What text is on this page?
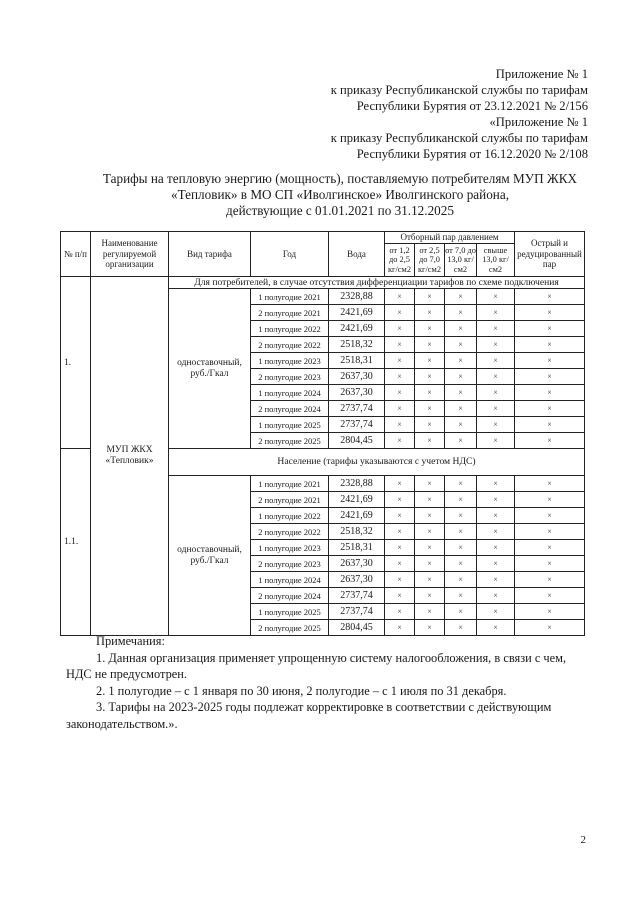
Приложение № 1
к приказу Республиканской службы по тарифам
Республики Бурятия от 23.12.2021 № 2/156
«Приложение № 1
к приказу Республиканской службы по тарифам
Республики Бурятия от 16.12.2020 № 2/108
Тарифы на тепловую энергию (мощность), поставляемую потребителям МУП ЖКХ
«Тепловик» в МО СП «Иволгинское» Иволгинского района,
действующие с 01.01.2021 по 31.12.2025
№ п/п	Наименование регулируемой организации	Вид тарифа	Год	Вода	Отборный пар давлением				Острый и редуцированный пар
					от 1,2 до 2,5 кг/см2	от 2,5 до 7,0 кг/см2	от 7,0 до 13,0 кг/см2	свыше 13,0 кг/см2	
1.	МУП ЖКХ «Тепловик»	Для потребителей, в случае отсутствия дифференциации тарифов по схеме подключения							
		одноставочный, руб./Гкал	1 полугодие 2021	2328,88	×	×	×	×	×
			2 полугодие 2021	2421,69	×	×	×	×	×
			1 полугодие 2022	2421,69	×	×	×	×	×
			2 полугодие 2022	2518,32	×	×	×	×	×
			1 полугодие 2023	2518,31	×	×	×	×	×
			2 полугодие 2023	2637,30	×	×	×	×	×
			1 полугодие 2024	2637,30	×	×	×	×	×
			2 полугодие 2024	2737,74	×	×	×	×	×
			1 полугодие 2025	2737,74	×	×	×	×	×
			2 полугодие 2025	2804,45	×	×	×	×	×
1.1.		Население (тарифы указываются с учетом НДС)							
		одноставочный, руб./Гкал	1 полугодие 2021	2328,88	×	×	×	×	×
			2 полугодие 2021	2421,69	×	×	×	×	×
			1 полугодие 2022	2421,69	×	×	×	×	×
			2 полугодие 2022	2518,32	×	×	×	×	×
			1 полугодие 2023	2518,31	×	×	×	×	×
			2 полугодие 2023	2637,30	×	×	×	×	×
			1 полугодие 2024	2637,30	×	×	×	×	×
			2 полугодие 2024	2737,74	×	×	×	×	×
			1 полугодие 2025	2737,74	×	×	×	×	×
			2 полугодие 2025	2804,45	×	×	×	×	×
Примечания:
1. Данная организация применяет упрощенную систему налогообложения, в связи с чем,
НДС не предусмотрен.
2. 1 полугодие – с 1 января по 30 июня, 2 полугодие – с 1 июля по 31 декабря.
3. Тарифы на 2023-2025 годы подлежат корректировке в соответствии с действующим
законодательством.».
2
